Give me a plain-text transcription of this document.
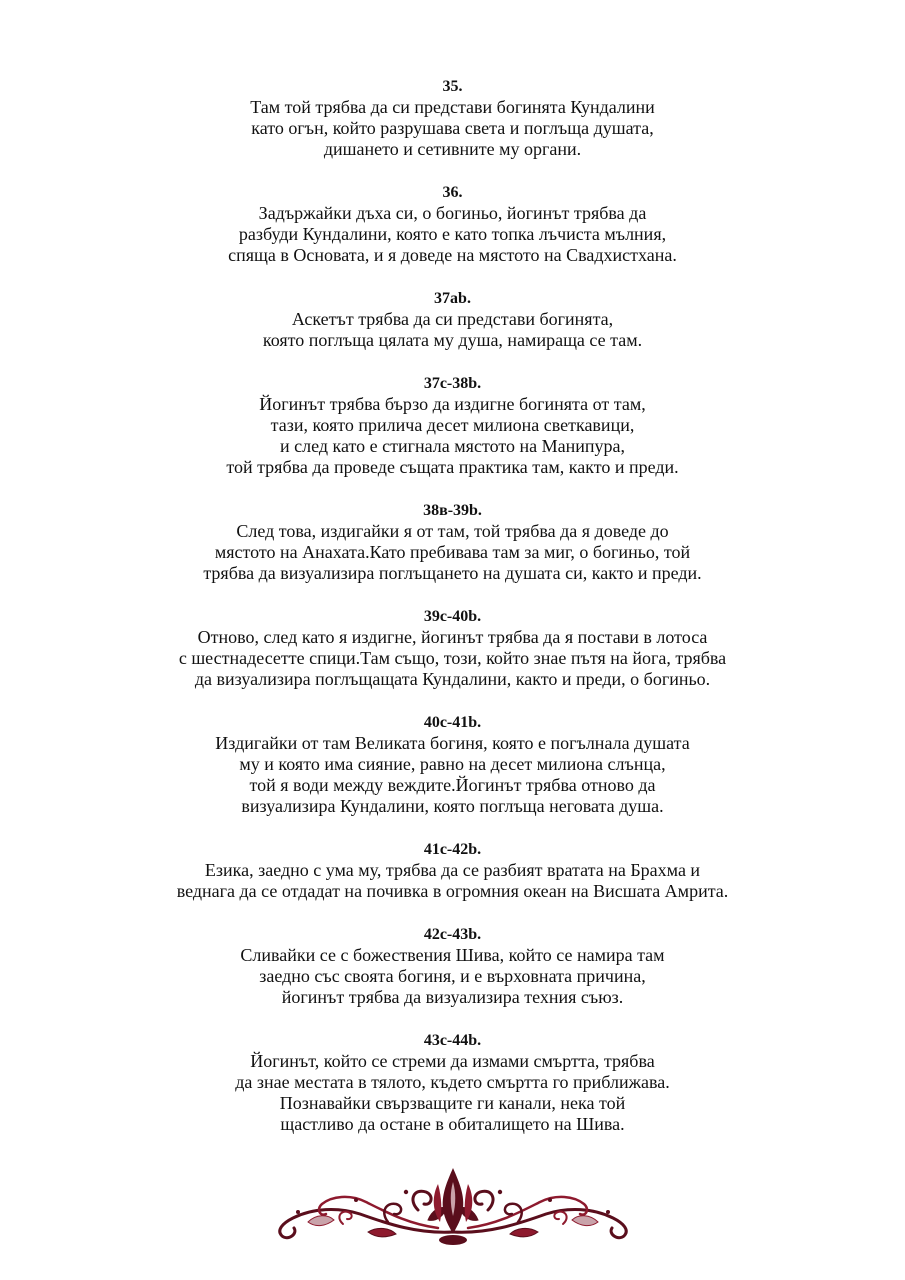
35.
Там той трябва да си представи богинята Кундалини
като огън, който разрушава света и поглъща душата,
дишането и сетивните му органи.
36.
Задържайки дъха си, о богиньо, йогинът трябва да
разбуди Кундалини, която е като топка лъчиста мълния,
спяща в Основата, и я доведе на мястото на Свадхистхана.
37ab.
Аскетът трябва да си представи богинята,
която поглъща цялата му душа, намираща се там.
37c-38b.
Йогинът трябва бързо да издигне богинята от там,
тази, която прилича десет милиона светкавици,
и след като е стигнала мястото на Манипура,
той трябва да проведе същата практика там, както и преди.
38в-39b.
След това, издигайки я от там, той трябва да я доведе до
мястото на Анахата.Като пребивава там за миг, о богиньо, той
трябва да визуализира поглъщането на душата си, както и преди.
39c-40b.
Отново, след като я издигне, йогинът трябва да я постави в лотоса
с шестнадесетте спици.Там също, този, който знае пътя на йога, трябва
да визуализира поглъщащата Кундалини, както и преди, о богиньо.
40c-41b.
Издигайки от там Великата богиня, която е погълнала душата
му и която има сияние, равно на десет милиона слънца,
той я води между веждите.Йогинът трябва отново да
визуализира Кундалини, която поглъща неговата душа.
41c-42b.
Езика, заедно с ума му, трябва да се разбият вратата на Брахма и
веднага да се отдадат на почивка в огромния океан на Висшата Амрита.
42c-43b.
Сливайки се с божествения Шива, който се намира там
заедно със своята богиня, и е върховната причина,
йогинът трябва да визуализира техния съюз.
43c-44b.
Йогинът, който се стреми да измами смъртта, трябва
да знае местата в тялото, където смъртта го приближава.
Познавайки свързващите ги канали, нека той
щастливо да остане в обиталището на Шива.
